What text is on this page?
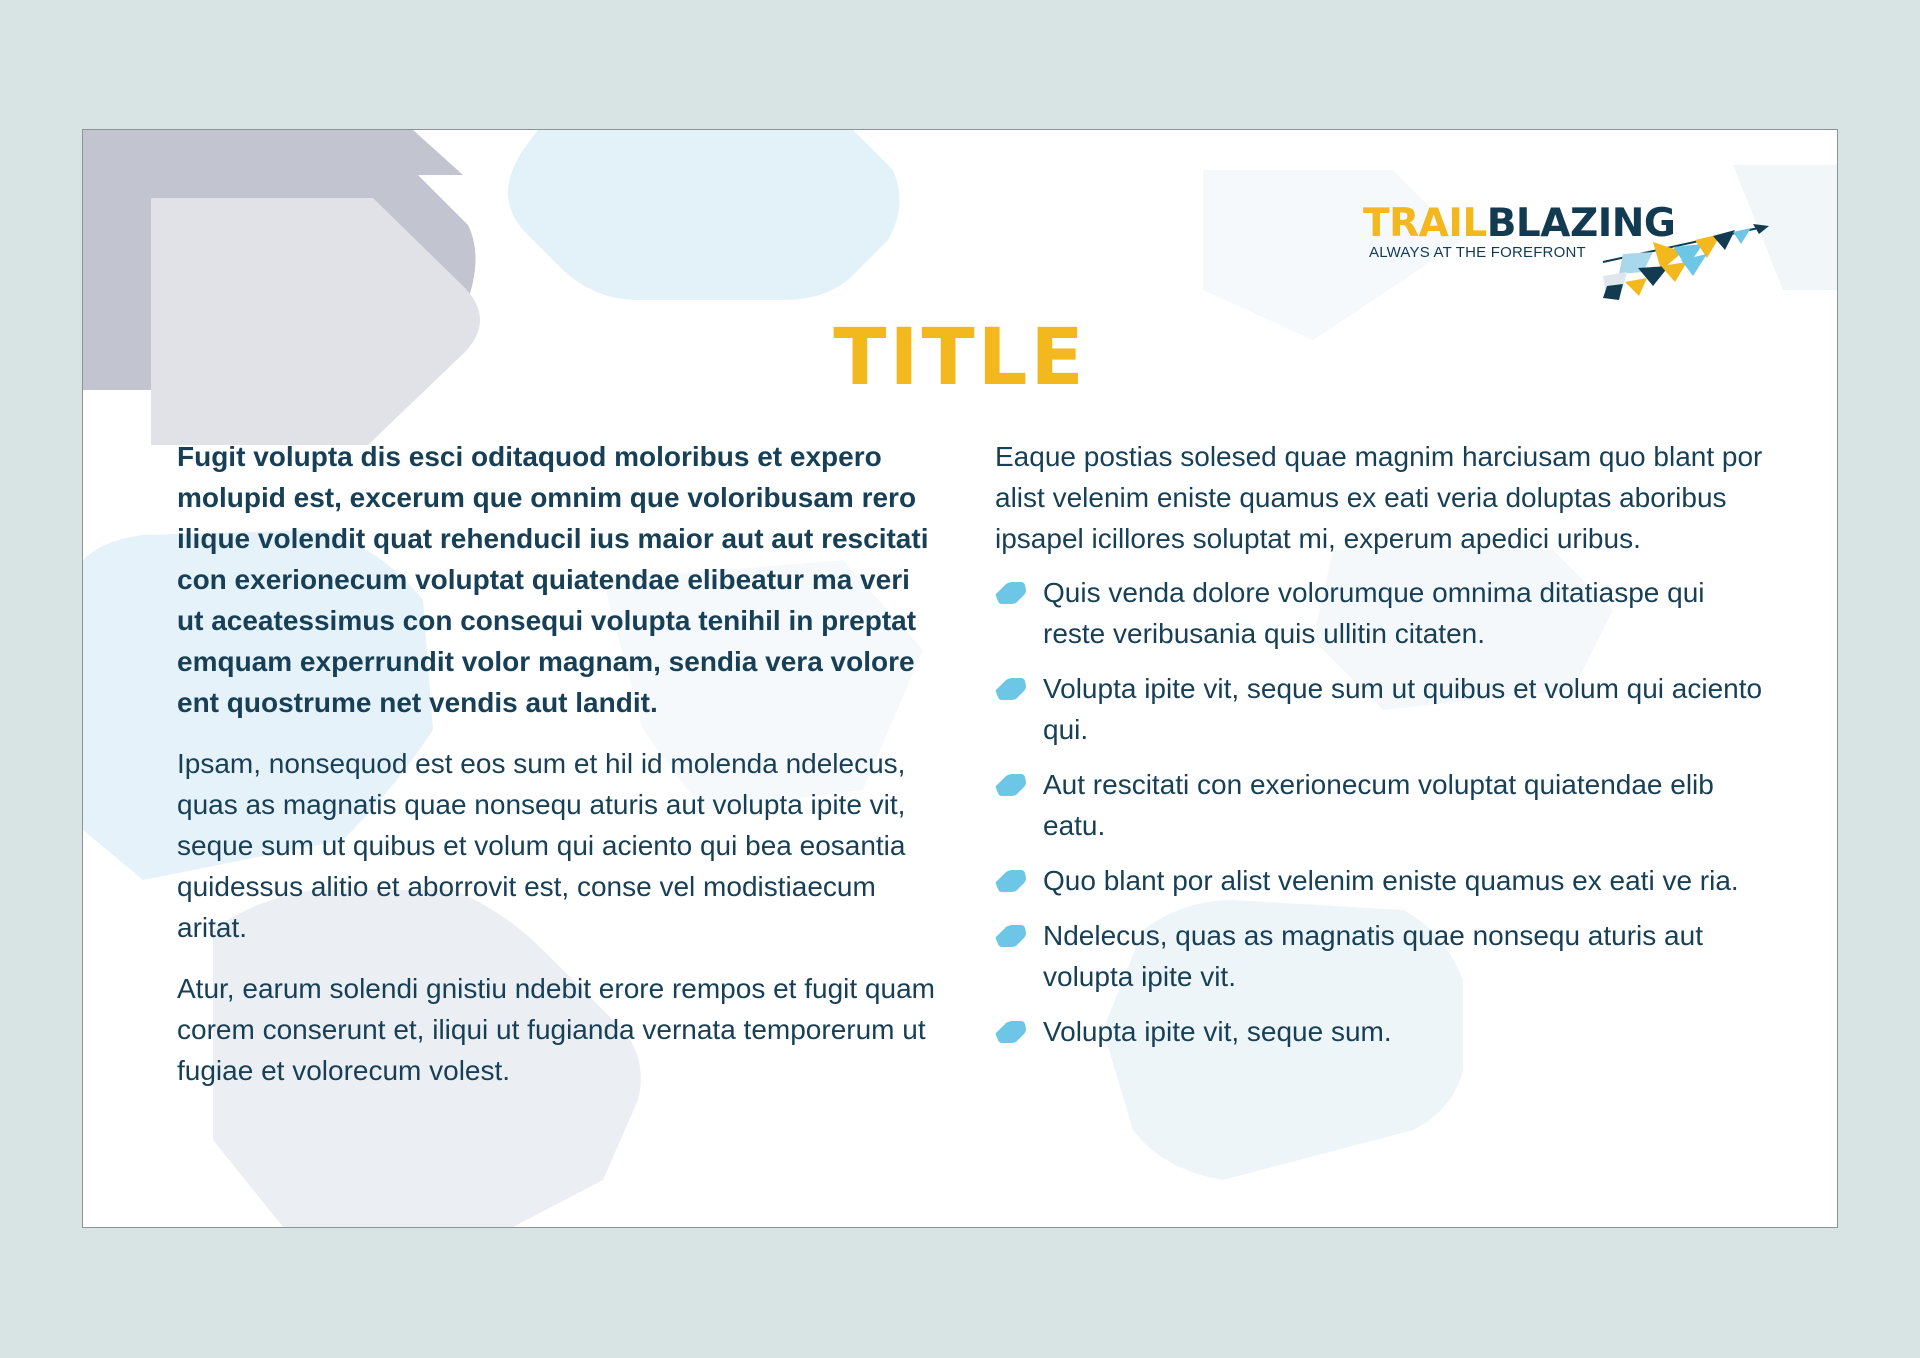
TRAILBLAZING
ALWAYS AT THE FOREFRONT
TITLE

Fugit volupta dis esci oditaquod moloribus et expero molupid est, excerum que omnim que voloribusam rero ilique volendit quat rehenducil ius maior aut aut rescitati con exerionecum voluptat quiatendae elibeatur ma veri ut aceatessimus con consequi volupta tenihil in preptat emquam experrundit volor magnam, sendia vera volore ent quostrume net vendis aut landit.

Ipsam, nonsequod est eos sum et hil id molenda ndelecus, quas as magnatis quae nonsequ aturis aut volupta ipite vit, seque sum ut quibus et volum qui aciento qui bea eosantia quidessus alitio et aborrovit est, conse vel modistiaecum aritat.

Atur, earum solendi gnistiu ndebit erore rempos et fugit quam corem conserunt et, iliqui ut fugianda vernata temporerum ut fugiae et volorecum volest.

Eaque postias solesed quae magnim harciusam quo blant por alist velenim eniste quamus ex eati veria doluptas aboribus ipsapel icillores soluptat mi, experum apedici uribus.

Quis venda dolore volorumque omnima ditatiaspe qui reste veribusania quis ullitin citaten.
Volupta ipite vit, seque sum ut quibus et volum qui aciento qui.
Aut rescitati con exerionecum voluptat quiatendae elib eatu.
Quo blant por alist velenim eniste quamus ex eati ve ria.
Ndelecus, quas as magnatis quae nonsequ aturis aut volupta ipite vit.
Volupta ipite vit, seque sum.
